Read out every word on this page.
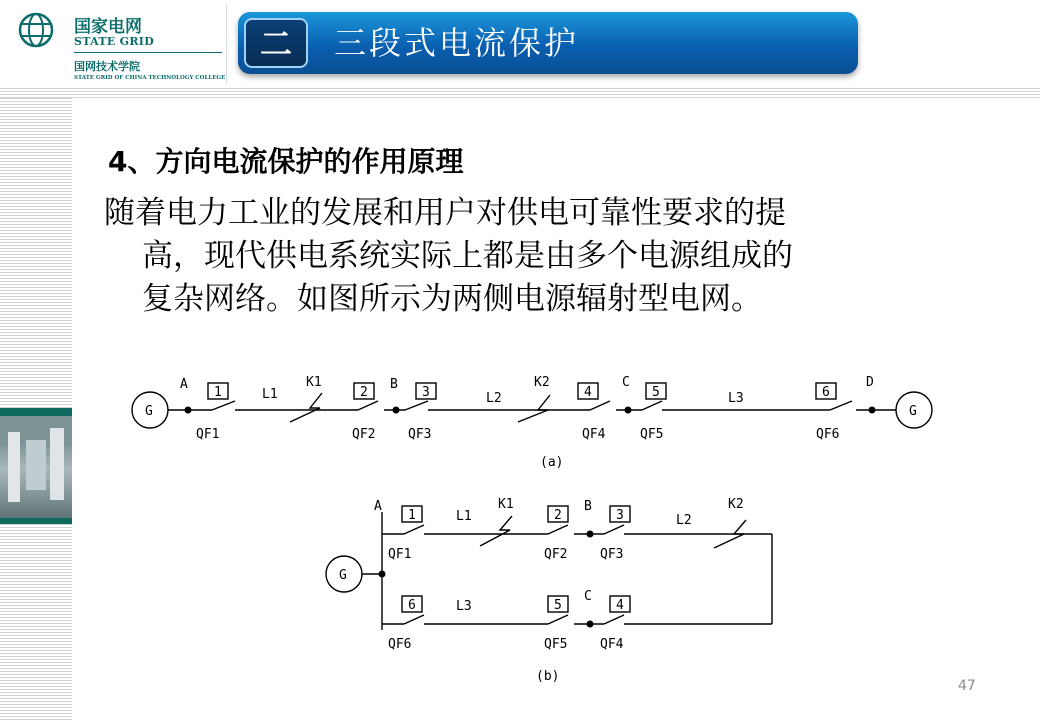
国家电网
STATE GRID
国网技术学院
STATE GRID OF CHINA TECHNOLOGY COLLEGE
二	三段式电流保护
4、方向电流保护的作用原理
随着电力工业的发展和用户对供电可靠性要求的提
高，现代供电系统实际上都是由多个电源组成的
复杂网络。如图所示为两侧电源辐射型电网。
G	G
A	B	C	D
L1	L2	L3
K1	K2
1	2	3	4	5	6
QF1	QF2	QF3	QF4	QF5	QF6
(a)
G
A	B
C
L1	L2
L3
K1	K2
1	2	3
6	5	4
QF1	QF2	QF3
QF6	QF5	QF4
(b)
47
